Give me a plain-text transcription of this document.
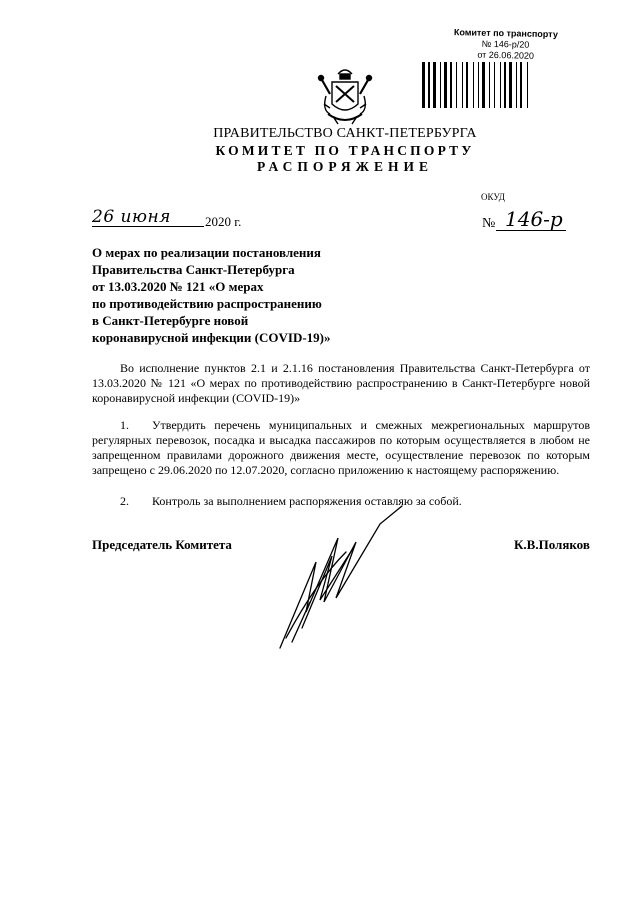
Комитет по транспорту
№ 146-р/20
от 26.06.2020
ПРАВИТЕЛЬСТВО САНКТ-ПЕТЕРБУРГА
КОМИТЕТ ПО ТРАНСПОРТУ
РАСПОРЯЖЕНИЕ
26 июня	2020 г.
ОКУД
№ 146-р
О мерах по реализации постановления
Правительства Санкт-Петербурга
от 13.03.2020 № 121 «О мерах
по противодействию распространению
в Санкт-Петербурге новой
коронавирусной инфекции (COVID-19)»
Во исполнение пунктов 2.1 и 2.1.16 постановления Правительства Санкт-Петербурга от 13.03.2020 № 121 «О мерах по противодействию распространению в Санкт-Петербурге новой коронавирусной инфекции (COVID-19)»
1. Утвердить перечень муниципальных и смежных межрегиональных маршрутов регулярных перевозок, посадка и высадка пассажиров по которым осуществляется в любом не запрещенном правилами дорожного движения месте, осуществление перевозок по которым запрещено с 29.06.2020 по 12.07.2020, согласно приложению к настоящему распоряжению.
2. Контроль за выполнением распоряжения оставляю за собой.
Председатель Комитета	К.В.Поляков
